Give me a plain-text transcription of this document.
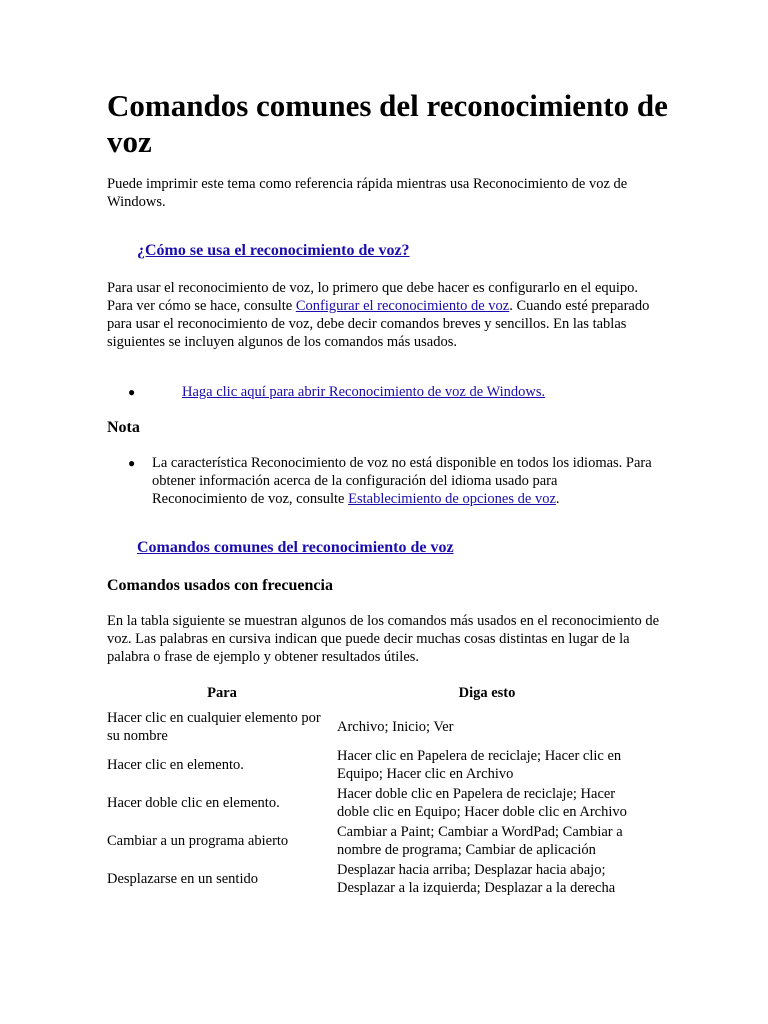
Comandos comunes del reconocimiento de voz

Puede imprimir este tema como referencia rápida mientras usa Reconocimiento de voz de Windows.

¿Cómo se usa el reconocimiento de voz?

Para usar el reconocimiento de voz, lo primero que debe hacer es configurarlo en el equipo. Para ver cómo se hace, consulte Configurar el reconocimiento de voz. Cuando esté preparado para usar el reconocimiento de voz, debe decir comandos breves y sencillos. En las tablas siguientes se incluyen algunos de los comandos más usados.

●	Haga clic aquí para abrir Reconocimiento de voz de Windows.
Nota
● La característica Reconocimiento de voz no está disponible en todos los idiomas. Para obtener información acerca de la configuración del idioma usado para Reconocimiento de voz, consulte Establecimiento de opciones de voz.

Comandos comunes del reconocimiento de voz
Comandos usados con frecuencia

En la tabla siguiente se muestran algunos de los comandos más usados en el reconocimiento de voz. Las palabras en cursiva indican que puede decir muchas cosas distintas en lugar de la palabra o frase de ejemplo y obtener resultados útiles.

Para	Diga esto
Hacer clic en cualquier elemento por su nombre	Archivo; Inicio; Ver
Hacer clic en elemento.	Hacer clic en Papelera de reciclaje; Hacer clic en Equipo; Hacer clic en Archivo
Hacer doble clic en elemento.	Hacer doble clic en Papelera de reciclaje; Hacer doble clic en Equipo; Hacer doble clic en Archivo
Cambiar a un programa abierto	Cambiar a Paint; Cambiar a WordPad; Cambiar a nombre de programa; Cambiar de aplicación
Desplazarse en un sentido	Desplazar hacia arriba; Desplazar hacia abajo; Desplazar a la izquierda; Desplazar a la derecha
